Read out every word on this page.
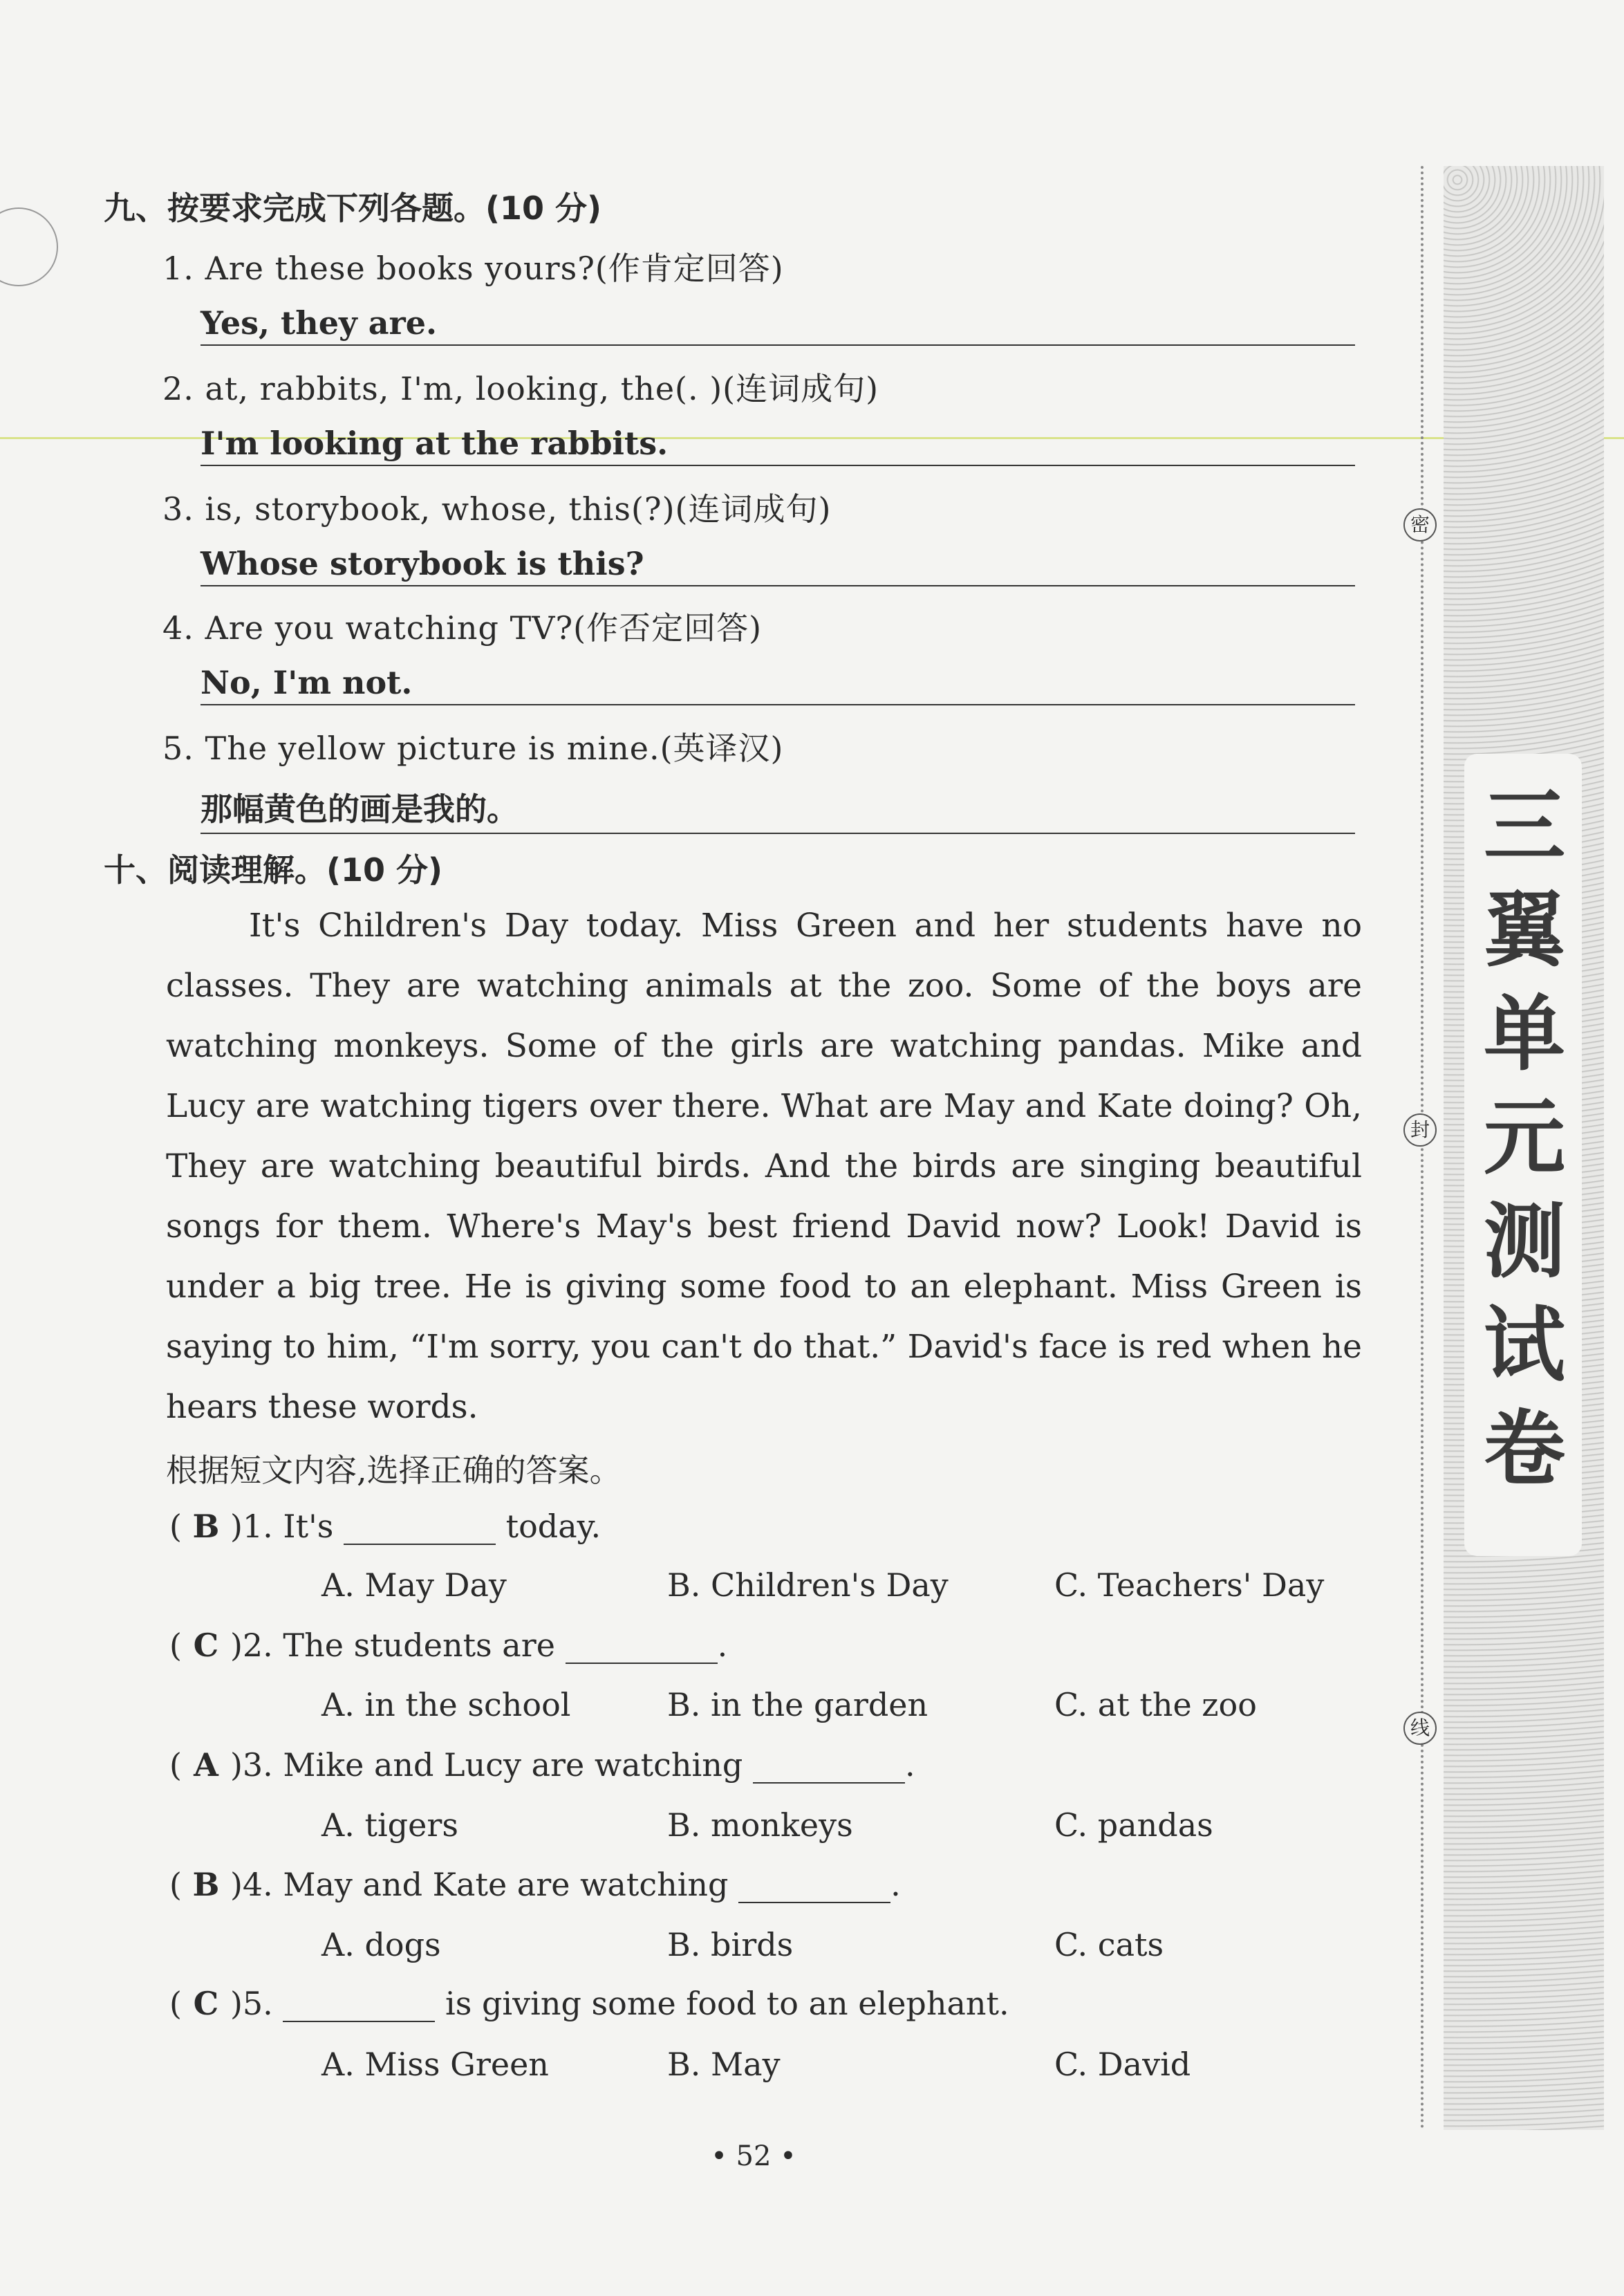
九、按要求完成下列各题。(10 分)
1. Are these books yours?(作肯定回答)
Yes, they are.
2. at, rabbits, I'm, looking, the(. )(连词成句)
I'm looking at the rabbits.
3. is, storybook, whose, this(?)(连词成句)
Whose storybook is this?
4. Are you watching TV?(作否定回答)
No, I'm not.
5. The yellow picture is mine.(英译汉)
那幅黄色的画是我的。
十、阅读理解。(10 分)
It's Children's Day today. Miss Green and her students have no classes. They are watching animals at the zoo. Some of the boys are watching monkeys. Some of the girls are watching pandas. Mike and Lucy are watching tigers over there. What are May and Kate doing? Oh, They are watching beautiful birds. And the birds are singing beautiful songs for them. Where's May's best friend David now? Look! David is under a big tree. He is giving some food to an elephant. Miss Green is saying to him, “I'm sorry, you can't do that.” David's face is red when he hears these words.
根据短文内容,选择正确的答案。
( B )1. It's	today.
A. May Day	B. Children's Day	C. Teachers' Day
( C )2. The students are	.
A. in the school	B. in the garden	C. at the zoo
( A )3. Mike and Lucy are watching	.
A. tigers	B. monkeys	C. pandas
( B )4. May and Kate are watching	.
A. dogs	B. birds	C. cats
( C )5.	is giving some food to an elephant.
A. Miss Green	B. May	C. David
• 52 •
三
翼
单
元
测
试
卷
密
封
线
